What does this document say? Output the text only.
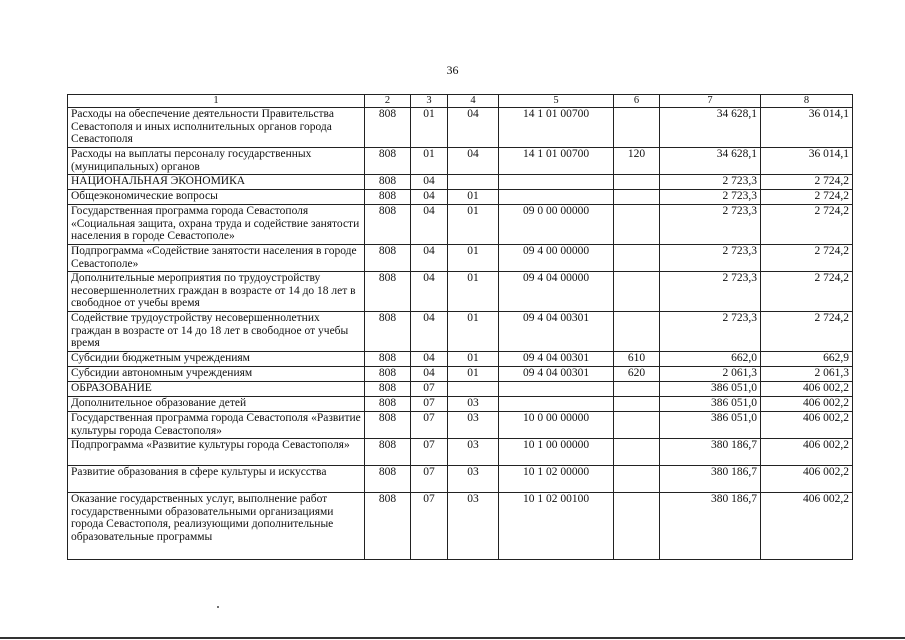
36
1	2	3	4	5	6	7	8
Расходы на обеспечение деятельности Правительства Севастополя и иных исполнительных органов города Севастополя	808	01	04	14 1 01 00700		34 628,1	36 014,1
Расходы на выплаты персоналу государственных (муниципальных) органов	808	01	04	14 1 01 00700	120	34 628,1	36 014,1
НАЦИОНАЛЬНАЯ ЭКОНОМИКА	808	04				2 723,3	2 724,2
Общеэкономические вопросы	808	04	01			2 723,3	2 724,2
Государственная программа города Севастополя «Социальная защита, охрана труда и содействие занятости населения в городе Севастополе»	808	04	01	09 0 00 00000		2 723,3	2 724,2
Подпрограмма «Содействие занятости населения в городе Севастополе»	808	04	01	09 4 00 00000		2 723,3	2 724,2
Дополнительные мероприятия по трудоустройству несовершеннолетних граждан в возрасте от 14 до 18 лет в свободное от учебы время	808	04	01	09 4 04 00000		2 723,3	2 724,2
Содействие трудоустройству несовершеннолетних граждан в возрасте от 14 до 18 лет в свободное от учебы время	808	04	01	09 4 04 00301		2 723,3	2 724,2
Субсидии бюджетным учреждениям	808	04	01	09 4 04 00301	610	662,0	662,9
Субсидии автономным учреждениям	808	04	01	09 4 04 00301	620	2 061,3	2 061,3
ОБРАЗОВАНИЕ	808	07				386 051,0	406 002,2
Дополнительное образование детей	808	07	03			386 051,0	406 002,2
Государственная программа города Севастополя «Развитие культуры города Севастополя»	808	07	03	10 0 00 00000		386 051,0	406 002,2
Подпрограмма «Развитие культуры города Севастополя»	808	07	03	10 1 00 00000		380 186,7	406 002,2
Развитие образования в сфере культуры и искусства	808	07	03	10 1 02 00000		380 186,7	406 002,2
Оказание государственных услуг, выполнение работ государственными образовательными организациями города Севастополя, реализующими дополнительные образовательные программы	808	07	03	10 1 02 00100		380 186,7	406 002,2
